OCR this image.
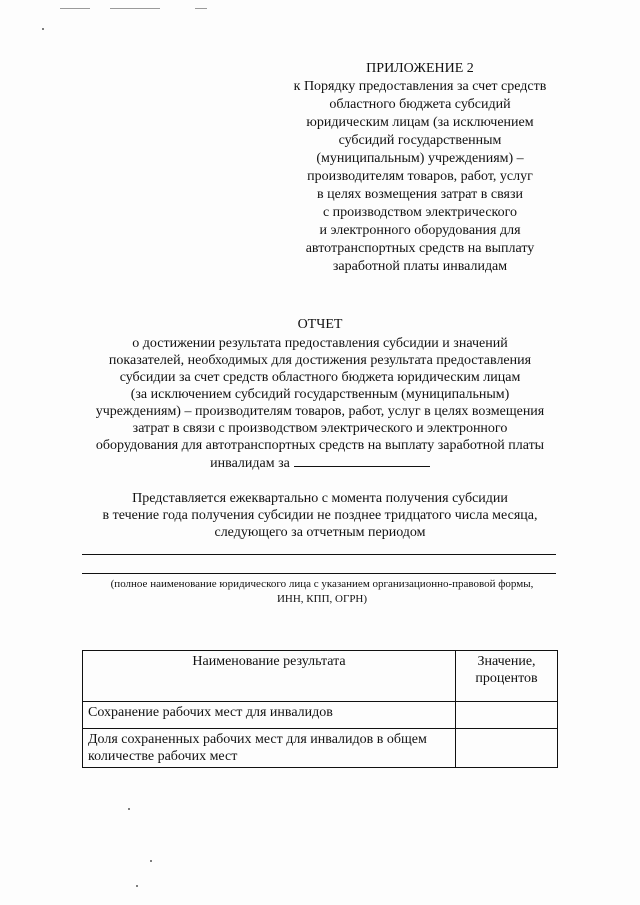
ПРИЛОЖЕНИЕ 2
к Порядку предоставления за счет средств
областного бюджета субсидий
юридическим лицам (за исключением
субсидий государственным
(муниципальным) учреждениям) –
производителям товаров, работ, услуг
в целях возмещения затрат в связи
с производством электрического
и электронного оборудования для
автотранспортных средств на выплату
заработной платы инвалидам
ОТЧЕТ
о достижении результата предоставления субсидии и значений
показателей, необходимых для достижения результата предоставления
субсидии за счет средств областного бюджета юридическим лицам
(за исключением субсидий государственным (муниципальным)
учреждениям) – производителям товаров, работ, услуг в целях возмещения
затрат в связи с производством электрического и электронного
оборудования для автотранспортных средств на выплату заработной платы
инвалидам за
Представляется ежеквартально с момента получения субсидии
в течение года получения субсидии не позднее тридцатого числа месяца,
следующего за отчетным периодом
(полное наименование юридического лица с указанием организационно-правовой формы,
ИНН, КПП, ОГРН)
Наименование результата	Значение, процентов
Сохранение рабочих мест для инвалидов	
Доля сохраненных рабочих мест для инвалидов в общем количестве рабочих мест	
